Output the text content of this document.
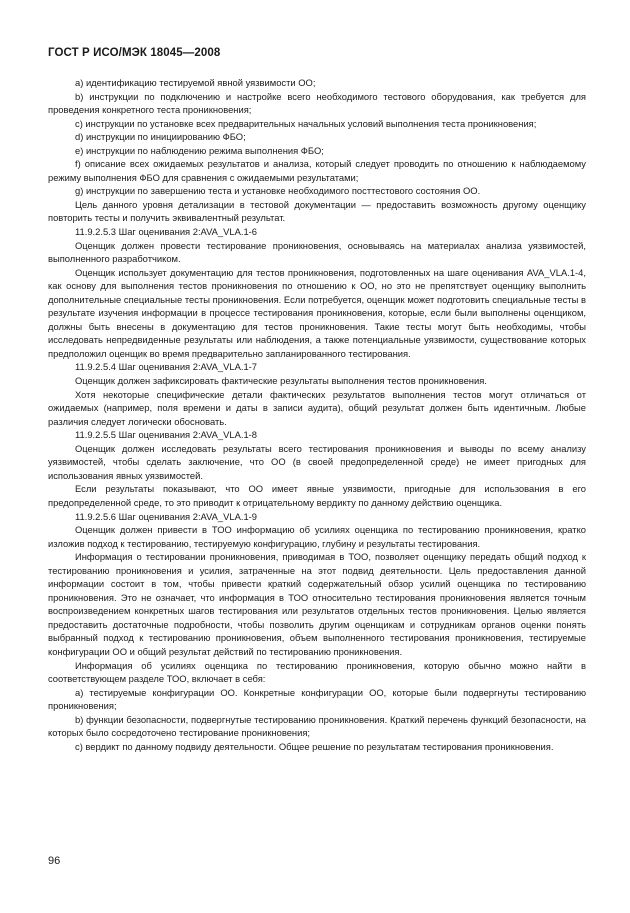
ГОСТ Р ИСО/МЭК 18045—2008

a) идентификацию тестируемой явной уязвимости ОО;

b) инструкции по подключению и настройке всего необходимого тестового оборудования, как требуется для проведения конкретного теста проникновения;

c) инструкции по установке всех предварительных начальных условий выполнения теста проникновения;

d) инструкции по инициированию ФБО;

e) инструкции по наблюдению режима выполнения ФБО;

f) описание всех ожидаемых результатов и анализа, который следует проводить по отношению к наблюдаемому режиму выполнения ФБО для сравнения с ожидаемыми результатами;

g) инструкции по завершению теста и установке необходимого посттестового состояния ОО.

Цель данного уровня детализации в тестовой документации — предоставить возможность другому оценщику повторить тесты и получить эквивалентный результат.

11.9.2.5.3 Шаг оценивания 2:AVA_VLA.1-6

Оценщик должен провести тестирование проникновения, основываясь на материалах анализа уязвимостей, выполненного разработчиком.

Оценщик использует документацию для тестов проникновения, подготовленных на шаге оценивания AVA_VLA.1-4, как основу для выполнения тестов проникновения по отношению к ОО, но это не препятствует оценщику выполнить дополнительные специальные тесты проникновения. Если потребуется, оценщик может подготовить специальные тесты в результате изучения информации в процессе тестирования проникновения, которые, если были выполнены оценщиком, должны быть внесены в документацию для тестов проникновения. Такие тесты могут быть необходимы, чтобы исследовать непредвиденные результаты или наблюдения, а также потенциальные уязвимости, существование которых предположил оценщик во время предварительно запланированного тестирования.

11.9.2.5.4 Шаг оценивания 2:AVA_VLA.1-7

Оценщик должен зафиксировать фактические результаты выполнения тестов проникновения.

Хотя некоторые специфические детали фактических результатов выполнения тестов могут отличаться от ожидаемых (например, поля времени и даты в записи аудита), общий результат должен быть идентичным. Любые различия следует логически обосновать.

11.9.2.5.5 Шаг оценивания 2:AVA_VLA.1-8

Оценщик должен исследовать результаты всего тестирования проникновения и выводы по всему анализу уязвимостей, чтобы сделать заключение, что ОО (в своей предопределенной среде) не имеет пригодных для использования явных уязвимостей.

Если результаты показывают, что ОО имеет явные уязвимости, пригодные для использования в его предопределенной среде, то это приводит к отрицательному вердикту по данному действию оценщика.

11.9.2.5.6 Шаг оценивания 2:AVA_VLA.1-9

Оценщик должен привести в ТОО информацию об усилиях оценщика по тестированию проникновения, кратко изложив подход к тестированию, тестируемую конфигурацию, глубину и результаты тестирования.

Информация о тестировании проникновения, приводимая в ТОО, позволяет оценщику передать общий подход к тестированию проникновения и усилия, затраченные на этот подвид деятельности. Цель предоставления данной информации состоит в том, чтобы привести краткий содержательный обзор усилий оценщика по тестированию проникновения. Это не означает, что информация в ТОО относительно тестирования проникновения является точным воспроизведением конкретных шагов тестирования или результатов отдельных тестов проникновения. Целью является предоставить достаточные подробности, чтобы позволить другим оценщикам и сотрудникам органов оценки понять выбранный подход к тестированию проникновения, объем выполненного тестирования проникновения, тестируемые конфигурации ОО и общий результат действий по тестированию проникновения.

Информация об усилиях оценщика по тестированию проникновения, которую обычно можно найти в соответствующем разделе ТОО, включает в себя:

a) тестируемые конфигурации ОО. Конкретные конфигурации ОО, которые были подвергнуты тестированию проникновения;

b) функции безопасности, подвергнутые тестированию проникновения. Краткий перечень функций безопасности, на которых было сосредоточено тестирование проникновения;

c) вердикт по данному подвиду деятельности. Общее решение по результатам тестирования проникновения.

96
